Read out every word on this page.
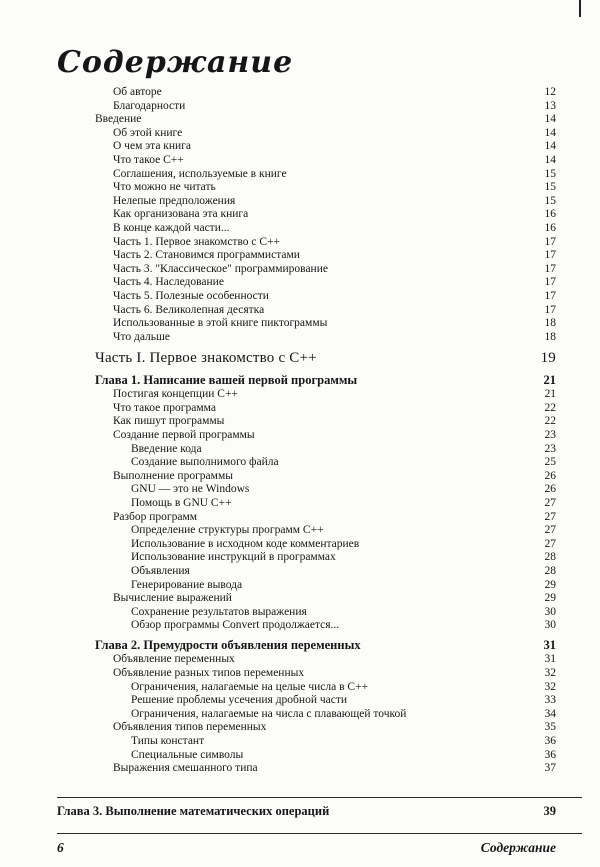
Содержание
Об авторе	12
Благодарности	13
Введение	14
Об этой книге	14
О чем эта книга	14
Что такое C++	14
Соглашения, используемые в книге	15
Что можно не читать	15
Нелепые предположения	15
Как организована эта книга	16
В конце каждой части...	16
Часть 1. Первое знакомство с C++	17
Часть 2. Становимся программистами	17
Часть 3. "Классическое" программирование	17
Часть 4. Наследование	17
Часть 5. Полезные особенности	17
Часть 6. Великолепная десятка	17
Использованные в этой книге пиктограммы	18
Что дальше	18
Часть I. Первое знакомство с C++	19
Глава 1. Написание вашей первой программы	21
Постигая концепции C++	21
Что такое программа	22
Как пишут программы	22
Создание первой программы	23
Введение кода	23
Создание выполнимого файла	25
Выполнение программы	26
GNU — это не Windows	26
Помощь в GNU C++	27
Разбор программ	27
Определение структуры программ C++	27
Использование в исходном коде комментариев	27
Использование инструкций в программах	28
Объявления	28
Генерирование вывода	29
Вычисление выражений	29
Сохранение результатов выражения	30
Обзор программы Convert продолжается...	30
Глава 2. Премудрости объявления переменных	31
Объявление переменных	31
Объявление разных типов переменных	32
Ограничения, налагаемые на целые числа в C++	32
Решение проблемы усечения дробной части	33
Ограничения, налагаемые на числа с плавающей точкой	34
Объявления типов переменных	35
Типы констант	36
Специальные символы	36
Выражения смешанного типа	37
Глава 3. Выполнение математических операций	39
6	Содержание
